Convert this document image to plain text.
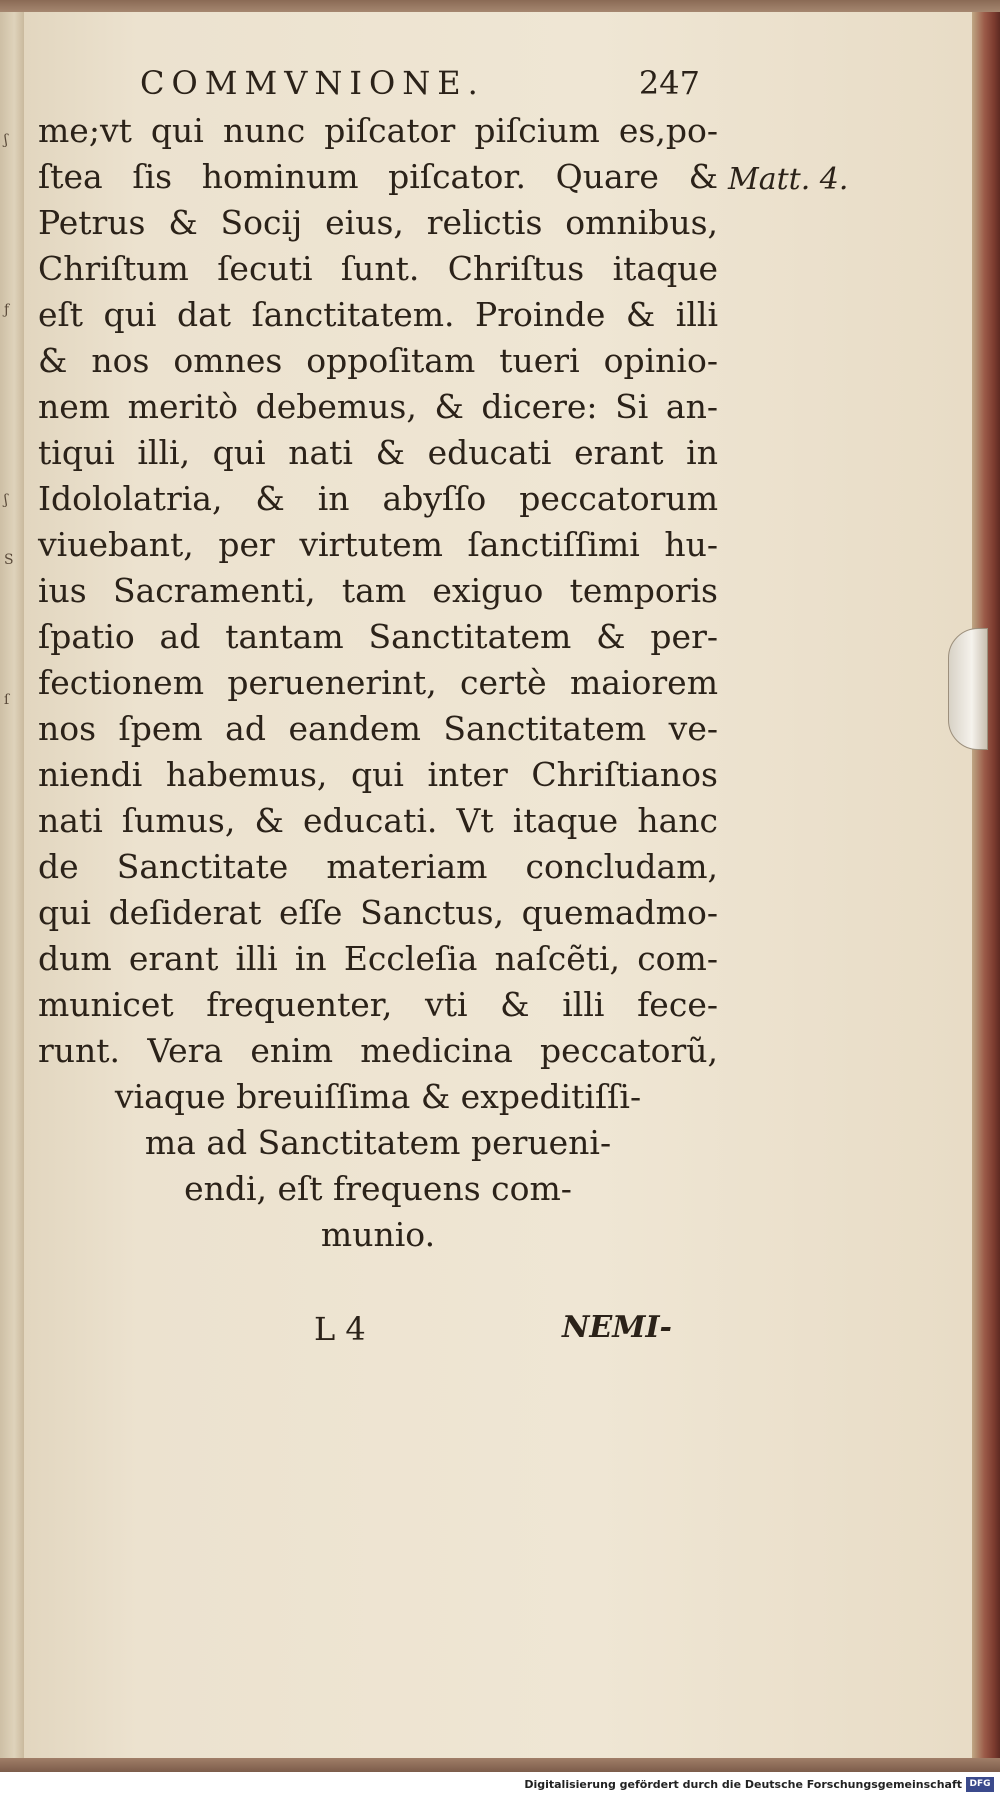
ʃ
ƒ
ʃ
S
ſ
COMMVNIONE.	247
me;vt qui nunc piſcator piſcium es,po-
ſtea ſis hominum piſcator. Quare &
Petrus & Socij eius, relictis omnibus,
Chriſtum ſecuti ſunt. Chriſtus itaque
eſt qui dat ſanctitatem. Proinde & illi
& nos omnes oppoſitam tueri opinio-
nem meritò debemus, & dicere: Si an-
tiqui illi, qui nati & educati erant in
Idololatria, & in abyſſo peccatorum
viuebant, per virtutem ſanctiſſimi hu-
ius Sacramenti, tam exiguo temporis
ſpatio ad tantam Sanctitatem & per-
fectionem peruenerint, certè maiorem
nos ſpem ad eandem Sanctitatem ve-
niendi habemus, qui inter Chriſtianos
nati ſumus, & educati. Vt itaque hanc
de Sanctitate materiam concludam,
qui deſiderat eſſe Sanctus, quemadmo-
dum erant illi in Eccleſia naſcẽti, com-
municet frequenter, vti & illi fece-
runt. Vera enim medicina peccatorũ,
viaque breuiſſima & expeditiſſi-
ma ad Sanctitatem perueni-
endi, eſt frequens com-
munio.
Matt. 4.
L 4	NEMI-
Digitalisierung gefördert durch die Deutsche Forschungsgemeinschaft DFG
